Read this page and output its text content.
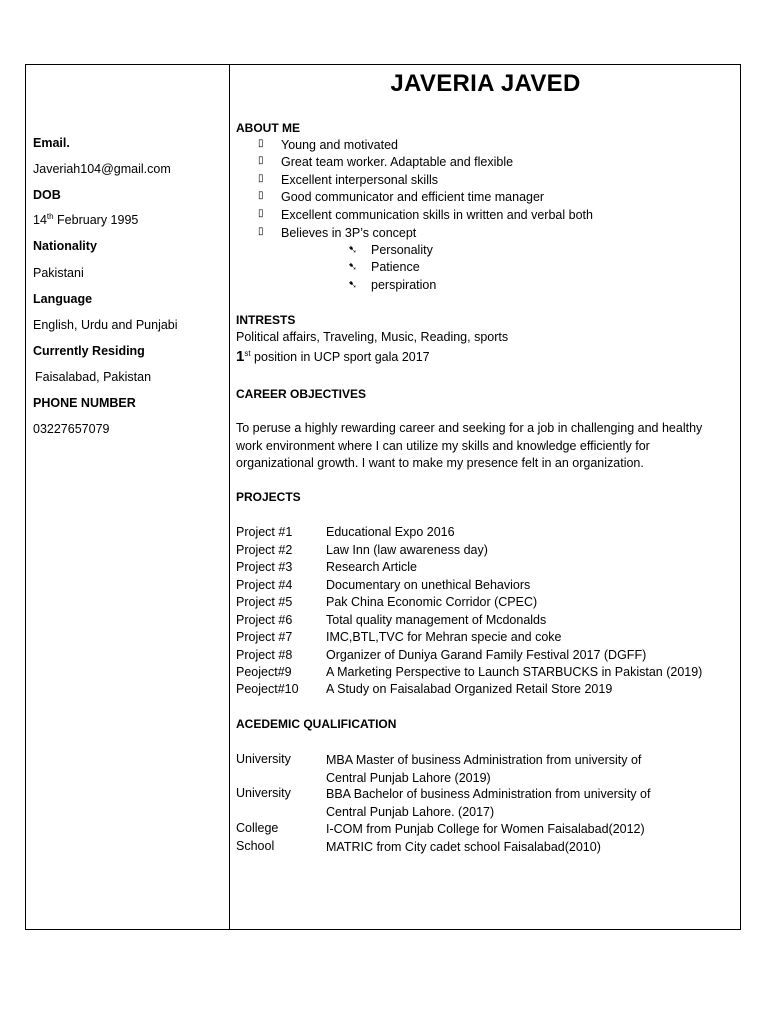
Email.
Javeriah104@gmail.com
DOB
14th February 1995
Nationality
Pakistani
Language
English, Urdu and Punjabi
Currently Residing
Faisalabad, Pakistan
PHONE NUMBER
03227657079
JAVERIA JAVED
ABOUT ME
▯ Young and motivated
▯ Great team worker. Adaptable and flexible
▯ Excellent interpersonal skills
▯ Good communicator and efficient time manager
▯ Excellent communication skills in written and verbal both
▯ Believes in 3P’s concept
➷ Personality
➷ Patience
➷ perspiration
INTRESTS
Political affairs, Traveling, Music, Reading, sports
1st position in UCP sport gala 2017
CAREER OBJECTIVES
To peruse a highly rewarding career and seeking for a job in challenging and healthy
work environment where I can utilize my skills and knowledge efficiently for
organizational growth. I want to make my presence felt in an organization.
PROJECTS
Project #1	Educational Expo 2016
Project #2	Law Inn (law awareness day)
Project #3	Research Article
Project #4	Documentary on unethical Behaviors
Project #5	Pak China Economic Corridor (CPEC)
Project #6	Total quality management of Mcdonalds
Project #7	IMC,BTL,TVC for Mehran specie and coke
Project #8	Organizer of Duniya Garand Family Festival 2017 (DGFF)
Peoject#9	A Marketing Perspective to Launch STARBUCKS in Pakistan (2019)
Peoject#10 A Study on Faisalabad Organized Retail Store 2019
ACEDEMIC QUALIFICATION
University	MBA Master of business Administration from university of
Central Punjab Lahore (2019)
University	BBA Bachelor of business Administration from university of
Central Punjab Lahore. (2017)
College	I-COM from Punjab College for Women Faisalabad(2012)
School	MATRIC from City cadet school Faisalabad(2010)
